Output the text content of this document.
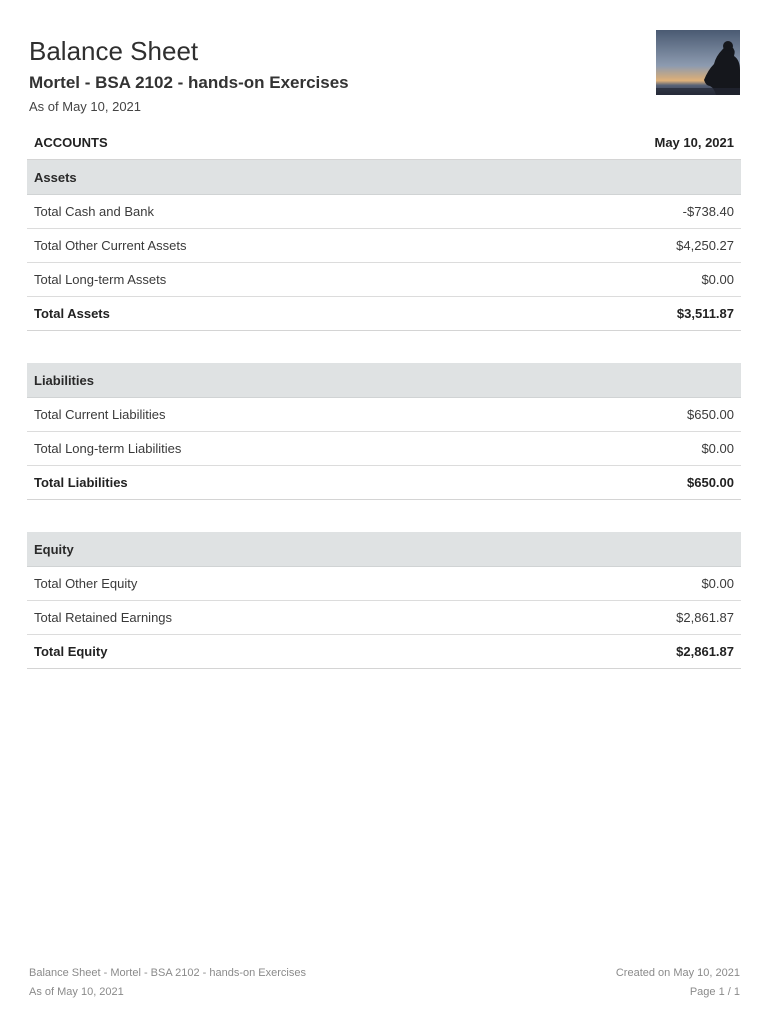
Balance Sheet
Mortel - BSA 2102 - hands-on Exercises
As of May 10, 2021
ACCOUNTS	May 10, 2021
Assets
Total Cash and Bank	-$738.40
Total Other Current Assets	$4,250.27
Total Long-term Assets	$0.00
Total Assets	$3,511.87
Liabilities
Total Current Liabilities	$650.00
Total Long-term Liabilities	$0.00
Total Liabilities	$650.00
Equity
Total Other Equity	$0.00
Total Retained Earnings	$2,861.87
Total Equity	$2,861.87
Balance Sheet - Mortel - BSA 2102 - hands-on Exercises
As of May 10, 2021
Created on May 10, 2021
Page 1 / 1
